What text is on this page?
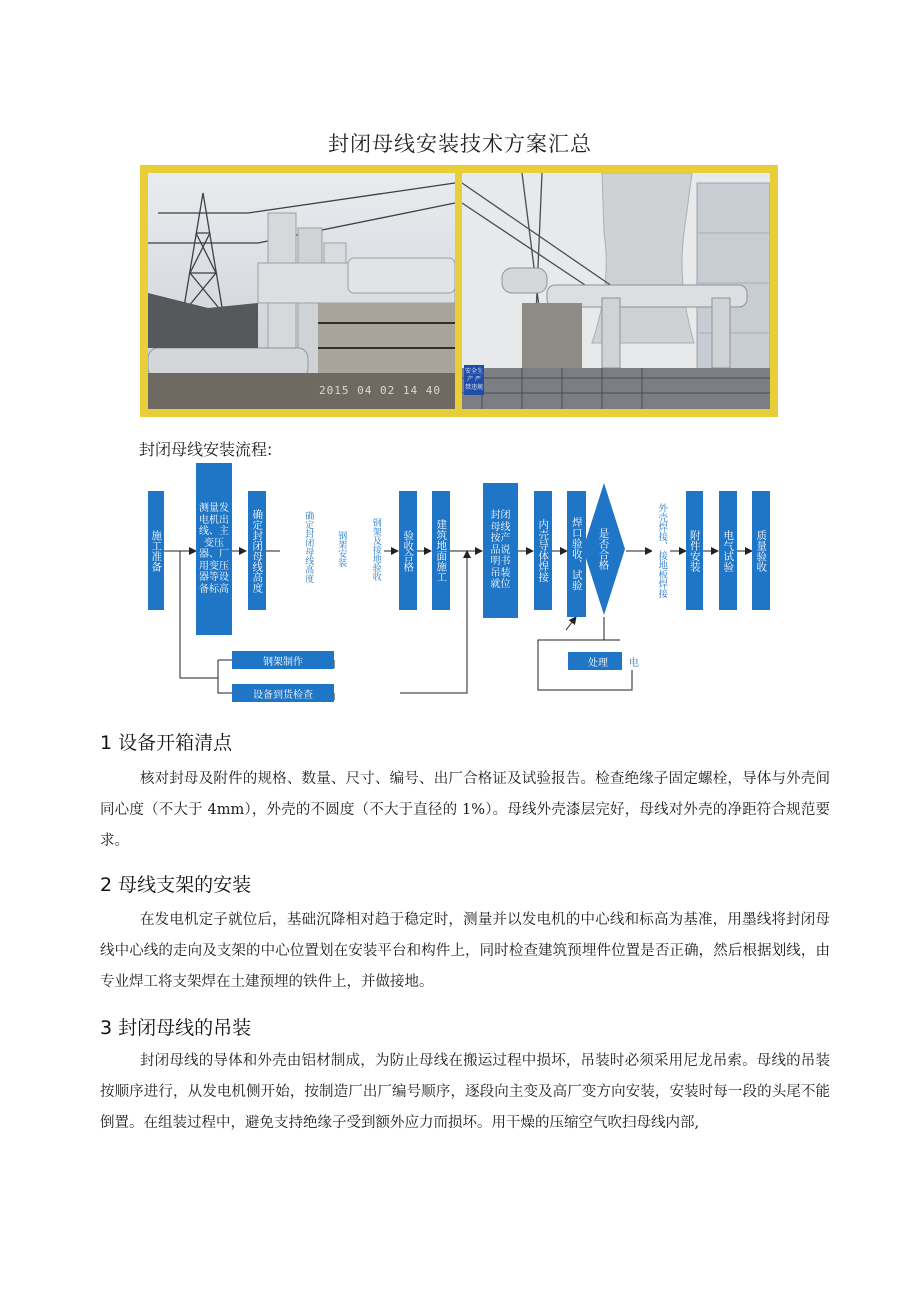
封闭母线安装技术方案汇总
2015 04 02 14 40
安全生产 严禁违规
封闭母线安装流程:
施工准备
测量发电机出线、主变压器、厂用变压器等设备标高	确定封闭母线高度	确定封闭母线高度	钢架安装	钢架及接地验收	验收合格	建筑地面施工
封闭母线按产品说明书吊装就位
内壳导体焊接	焊口验收、试验	是否合格	外壳焊接、接地板焊接 附件安装	电气试验	质量验收
钢架制作
设备到货检查
处理	电
1 设备开箱清点
核对封母及附件的规格、数量、尺寸、编号、出厂合格证及试验报告。检查绝缘子固定螺栓，导体与外壳间同心度（不大于 4mm），外壳的不圆度（不大于直径的 1%）。母线外壳漆层完好，母线对外壳的净距符合规范要求。
2 母线支架的安装
在发电机定子就位后，基础沉降相对趋于稳定时，测量并以发电机的中心线和标高为基准，用墨线将封闭母线中心线的走向及支架的中心位置划在安装平台和构件上，同时检查建筑预埋件位置是否正确，然后根据划线，由专业焊工将支架焊在土建预埋的铁件上，并做接地。
3 封闭母线的吊装
封闭母线的导体和外壳由铝材制成，为防止母线在搬运过程中损坏，吊装时必须采用尼龙吊索。母线的吊装按顺序进行，从发电机侧开始，按制造厂出厂编号顺序，逐段向主变及高厂变方向安装，安装时每一段的头尾不能倒置。在组装过程中，避免支持绝缘子受到额外应力而损坏。用干燥的压缩空气吹扫母线内部,
